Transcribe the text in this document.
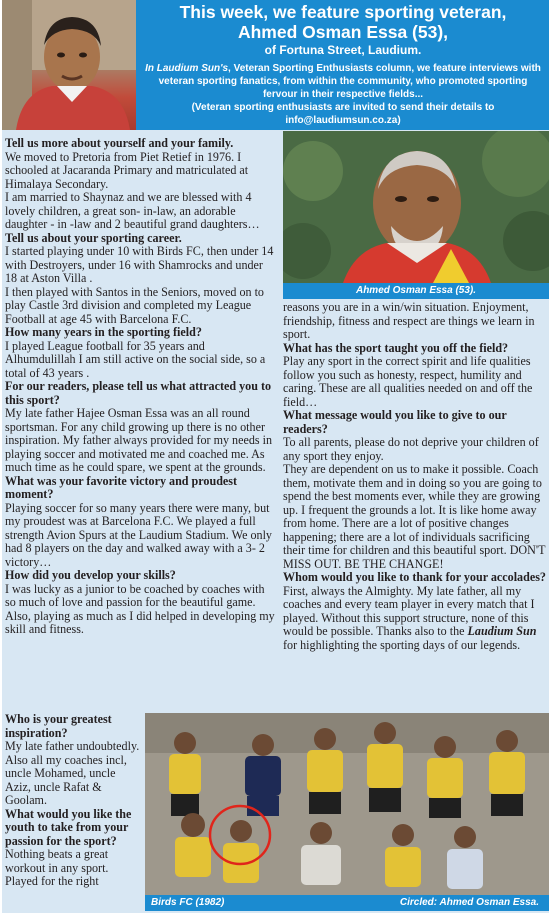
This week, we feature sporting veteran,
Ahmed Osman Essa (53),
of Fortuna Street, Laudium.
In Laudium Sun's, Veteran Sporting Enthusiasts column, we feature interviews with veteran sporting fanatics, from within the community, who promoted sporting fervour in their respective fields...
(Veteran sporting enthusiasts are invited to send their details to info@laudiumsun.co.za)

Tell us more about yourself and your family.

We moved to Pretoria from Piet Retief in 1976. I schooled at Jacaranda Primary and matriculated at Himalaya Secondary.

I am married to Shaynaz and we are blessed with 4 lovely children, a great son- in-law, an adorable daughter - in -law and 2 beautiful grand daughters…

Tell us about your sporting career.

I started playing under 10 with Birds FC, then under 14 with Destroyers, under 16 with Shamrocks and under 18 at Aston Villa .

I then played with Santos in the Seniors, moved on to play Castle 3rd division and completed my League Football at age 45 with Barcelona F.C.

How many years in the sporting field?

I played League football for 35 years and Alhumdulillah I am still active on the social side, so a total of 43 years .

For our readers, please tell us what attracted you to this sport?

My late father Hajee Osman Essa was an all round sportsman. For any child growing up there is no other inspiration. My father always provided for my needs in playing soccer and motivated me and coached me. As much time as he could spare, we spent at the grounds.

What was your favorite victory and proudest moment?

Playing soccer for so many years there were many, but my proudest was at Barcelona F.C. We played a full strength Avion Spurs at the Laudium Stadium. We only had 8 players on the day and walked away with a 3- 2 victory…

How did you develop your skills?

I was lucky as a junior to be coached by coaches with so much of love and passion for the beautiful game.

Also, playing as much as I did helped in developing my skill and fitness.

Who is your greatest inspiration?

My late father undoubtedly. Also all my coaches incl, uncle Mohamed, uncle Aziz, uncle Rafat & Goolam.

What would you like the youth to take from your passion for the sport?

Nothing beats a great workout in any sport. Played for the right

Ahmed Osman Essa (53).

reasons you are in a win/win situation. Enjoyment, friendship, fitness and respect are things we learn in sport.

What has the sport taught you off the field?

Play any sport in the correct spirit and life qualities follow you such as honesty, respect, humility and caring. These are all qualities needed on and off the field…

What message would you like to give to our readers?

To all parents, please do not deprive your children of any sport they enjoy.

They are dependent on us to make it possible. Coach them, motivate them and in doing so you are going to spend the best moments ever, while they are growing up. I frequent the grounds a lot. It is like home away from home. There are a lot of positive changes happening; there are a lot of individuals sacrificing their time for children and this beautiful sport. DON'T MISS OUT. BE THE CHANGE!

Whom would you like to thank for your accolades?

First, always the Almighty. My late father, all my coaches and every team player in every match that I played. Without this support structure, none of this would be possible. Thanks also to the Laudium Sun for highlighting the sporting days of our legends.

Birds FC (1982)	Circled: Ahmed Osman Essa.
